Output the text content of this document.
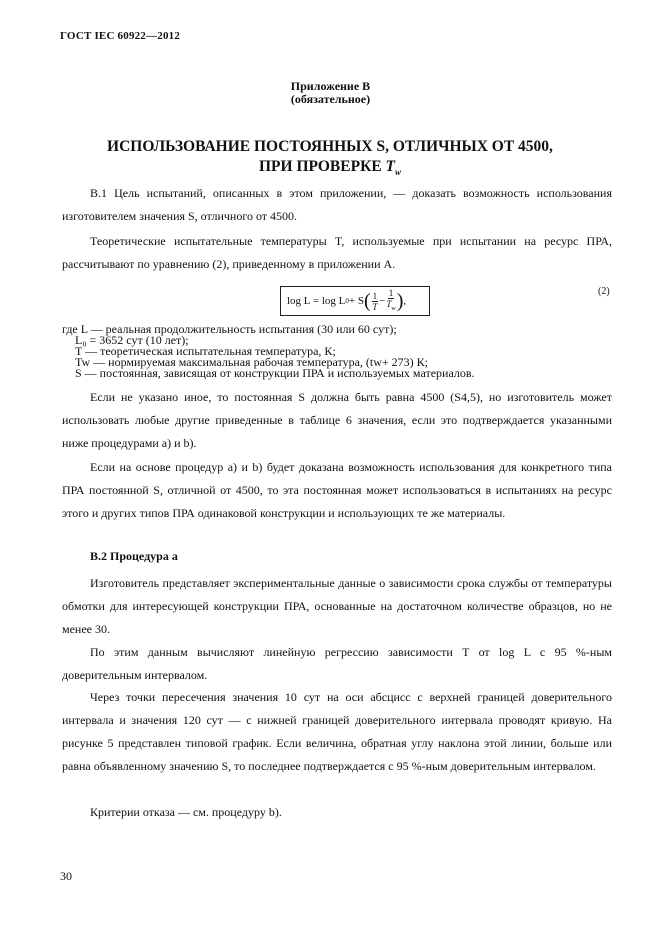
ГОСТ IEC 60922—2012
Приложение В
(обязательное)
ИСПОЛЬЗОВАНИЕ ПОСТОЯННЫХ S, ОТЛИЧНЫХ ОТ 4500,
ПРИ ПРОВЕРКЕ $T_w$
В.1 Цель испытаний, описанных в этом приложении, — доказать возможность использования изготовителем значения S, отличного от 4500.
Теоретические испытательные температуры T, используемые при испытании на ресурс ПРА, рассчитывают по уравнению (2), приведенному в приложении А.
log L = log L 0 + S ( $\frac{1}{T} - \frac{1}{T_w}$ ) ,
(2)
где L — реальная продолжительность испытания (30 или 60 сут);
L₀ = 3652 сут (10 лет);
T — теоретическая испытательная температура, К;
Tw — нормируемая максимальная рабочая температура, (tw+ 273) К;
S — постоянная, зависящая от конструкции ПРА и используемых материалов.
Если не указано иное, то постоянная S должна быть равна 4500 (S4,5), но изготовитель может использовать любые другие приведенные в таблице 6 значения, если это подтверждается указанными ниже процедурами a) и b).
Если на основе процедур a) и b) будет доказана возможность использования для конкретного типа ПРА постоянной S, отличной от 4500, то эта постоянная может использоваться в испытаниях на ресурс этого и других типов ПРА одинаковой конструкции и использующих те же материалы.
В.2 Процедура a
Изготовитель представляет экспериментальные данные о зависимости срока службы от температуры обмотки для интересующей конструкции ПРА, основанные на достаточном количестве образцов, но не менее 30.
По этим данным вычисляют линейную регрессию зависимости T от log L с 95 %-ным доверительным интервалом.
Через точки пересечения значения 10 сут на оси абсцисс с верхней границей доверительного интервала и значения 120 сут — с нижней границей доверительного интервала проводят кривую. На рисунке 5 представлен типовой график. Если величина, обратная углу наклона этой линии, больше или равна объявленному значению S, то последнее подтверждается с 95 %-ным доверительным интервалом.
Критерии отказа — см. процедуру b).
30
